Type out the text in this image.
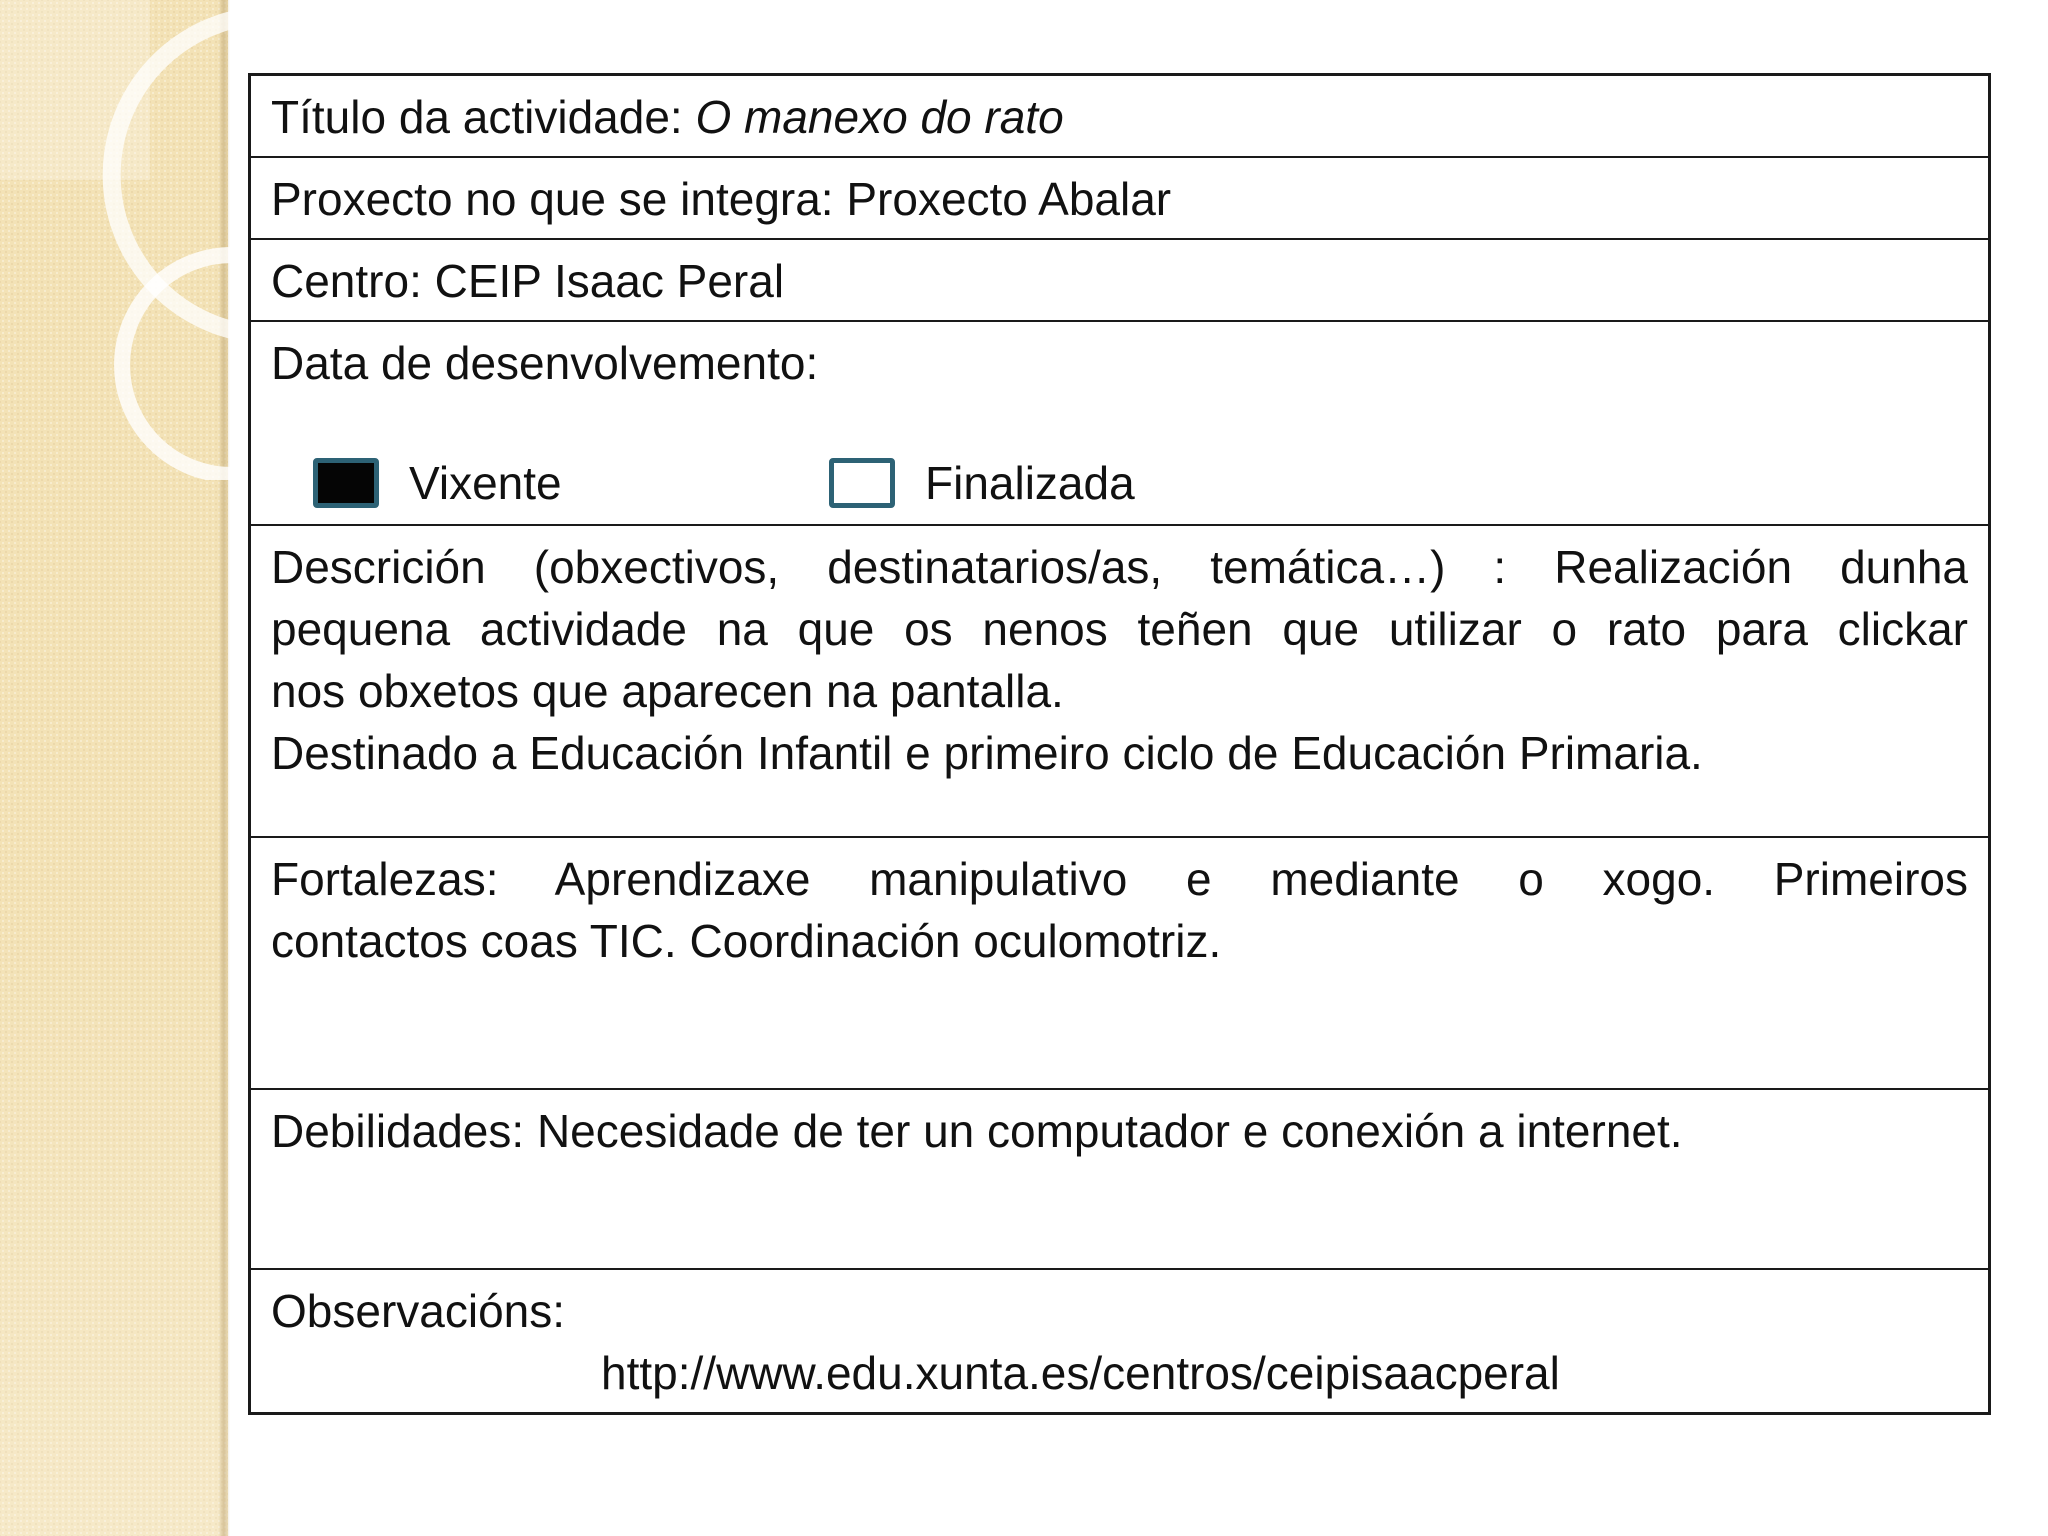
Título da actividade: O manexo do rato
Proxecto no que se integra: Proxecto Abalar
Centro: CEIP Isaac Peral
Data de desenvolvemento:
Vixente	Finalizada
Descrición (obxectivos, destinatarios/as, temática…) : Realización dunha
pequena actividade na que os nenos teñen que utilizar o rato para clickar
nos obxetos que aparecen na pantalla.
Destinado a Educación Infantil e primeiro ciclo de Educación Primaria.
Fortalezas: Aprendizaxe manipulativo e mediante o xogo. Primeiros
contactos coas TIC. Coordinación oculomotriz.
Debilidades: Necesidade de ter un computador e conexión a internet.
Observacións:
http://www.edu.xunta.es/centros/ceipisaacperal
